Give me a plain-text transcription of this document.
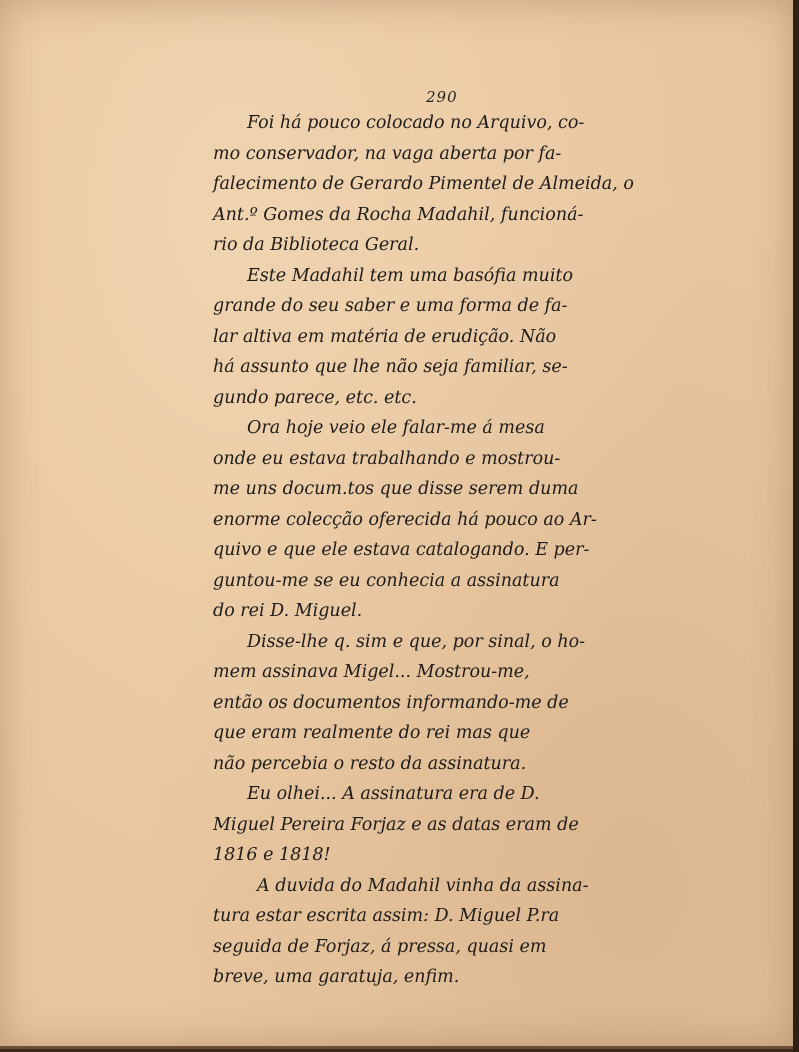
290
Foi há pouco colocado no Arquivo, co-
mo conservador, na vaga aberta por fa-
falecimento de Gerardo Pimentel de Almeida, o
Ant.º Gomes da Rocha Madahil, funcioná-
rio da Biblioteca Geral.
Este Madahil tem uma basófia muito
grande do seu saber e uma forma de fa-
lar altiva em matéria de erudição. Não
há assunto que lhe não seja familiar, se-
gundo parece, etc. etc.
Ora hoje veio ele falar-me á mesa
onde eu estava trabalhando e mostrou-
me uns docum.tos que disse serem duma
enorme colecção oferecida há pouco ao Ar-
quivo e que ele estava catalogando. E per-
guntou-me se eu conhecia a assinatura
do rei D. Miguel.
Disse-lhe q. sim e que, por sinal, o ho-
mem assinava Migel... Mostrou-me,
então os documentos informando-me de
que eram realmente do rei mas que
não percebia o resto da assinatura.
Eu olhei... A assinatura era de D.
Miguel Pereira Forjaz e as datas eram de
1816 e 1818!
A duvida do Madahil vinha da assina-
tura estar escrita assim: D. Miguel P.ra
seguida de Forjaz, á pressa, quasi em
breve, uma garatuja, enfim.
